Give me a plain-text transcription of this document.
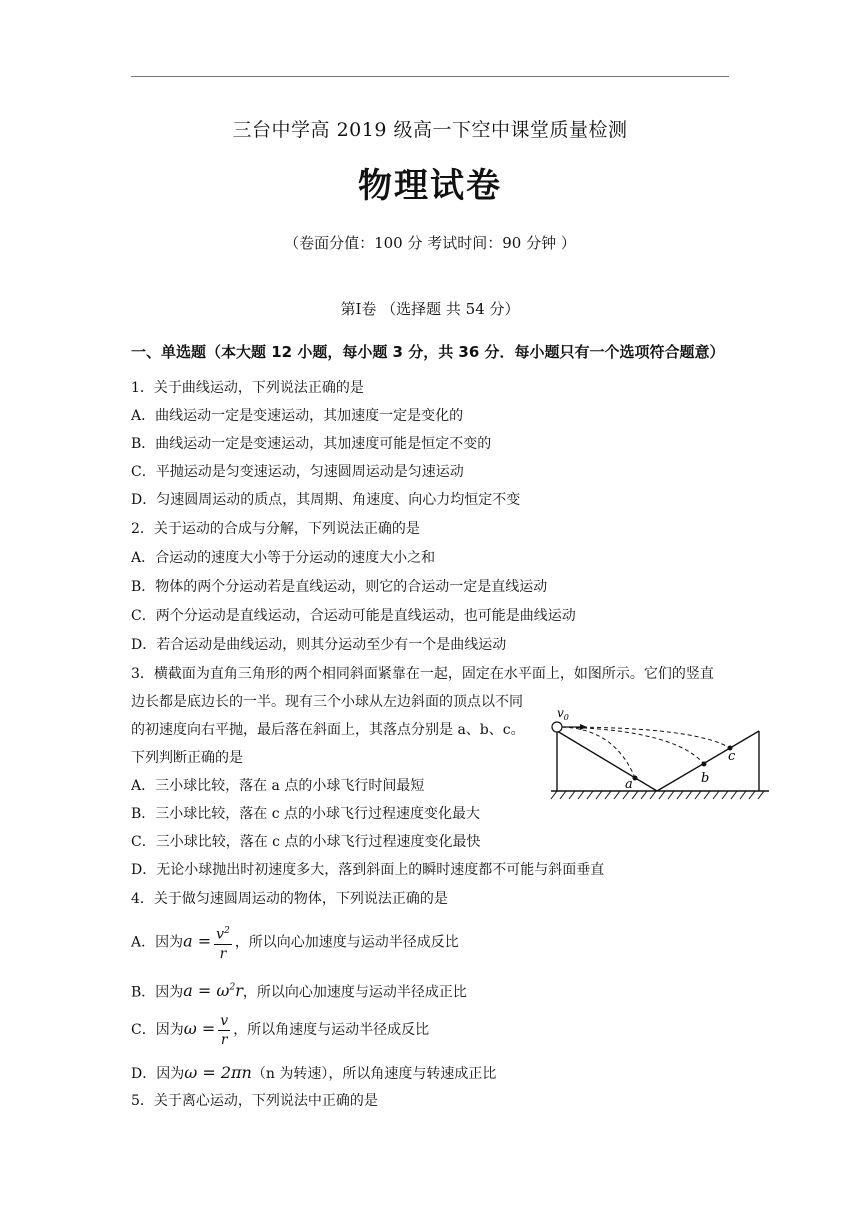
三台中学高 2019 级高一下空中课堂质量检测
物理试卷
（卷面分值：100 分 考试时间：90 分钟 ）
第Ⅰ卷 （选择题 共 54 分）
一、单选题（本大题 12 小题，每小题 3 分，共 36 分．每小题只有一个选项符合题意）
1．关于曲线运动，下列说法正确的是
A．曲线运动一定是变速运动，其加速度一定是变化的
B．曲线运动一定是变速运动，其加速度可能是恒定不变的
C．平抛运动是匀变速运动，匀速圆周运动是匀速运动
D．匀速圆周运动的质点，其周期、角速度、向心力均恒定不变
2．关于运动的合成与分解，下列说法正确的是
A．合运动的速度大小等于分运动的速度大小之和
B．物体的两个分运动若是直线运动，则它的合运动一定是直线运动
C．两个分运动是直线运动，合运动可能是直线运动，也可能是曲线运动
D．若合运动是曲线运动，则其分运动至少有一个是曲线运动
3．横截面为直角三角形的两个相同斜面紧靠在一起，固定在水平面上，如图所示。它们的竖直
边长都是底边长的一半。现有三个小球从左边斜面的顶点以不同
的初速度向右平抛，最后落在斜面上，其落点分别是 a、b、c。
下列判断正确的是
A．三小球比较，落在 a 点的小球飞行时间最短
B．三小球比较，落在 c 点的小球飞行过程速度变化最大
C．三小球比较，落在 c 点的小球飞行过程速度变化最快
D．无论小球抛出时初速度多大，落到斜面上的瞬时速度都不可能与斜面垂直
$v_0$
a	b
c
4．关于做匀速圆周运动的物体，下列说法正确的是
A．因为$a = \frac{v^2}{r}$ ，所以向心加速度与运动半径成反比
B．因为$a = \omega^2r$，所以向心加速度与运动半径成正比
C．因为$\omega = \frac{v}{r}$ ，所以角速度与运动半径成反比
D．因为ω = 2πn（n 为转速），所以角速度与转速成正比
5．关于离心运动，下列说法中正确的是
